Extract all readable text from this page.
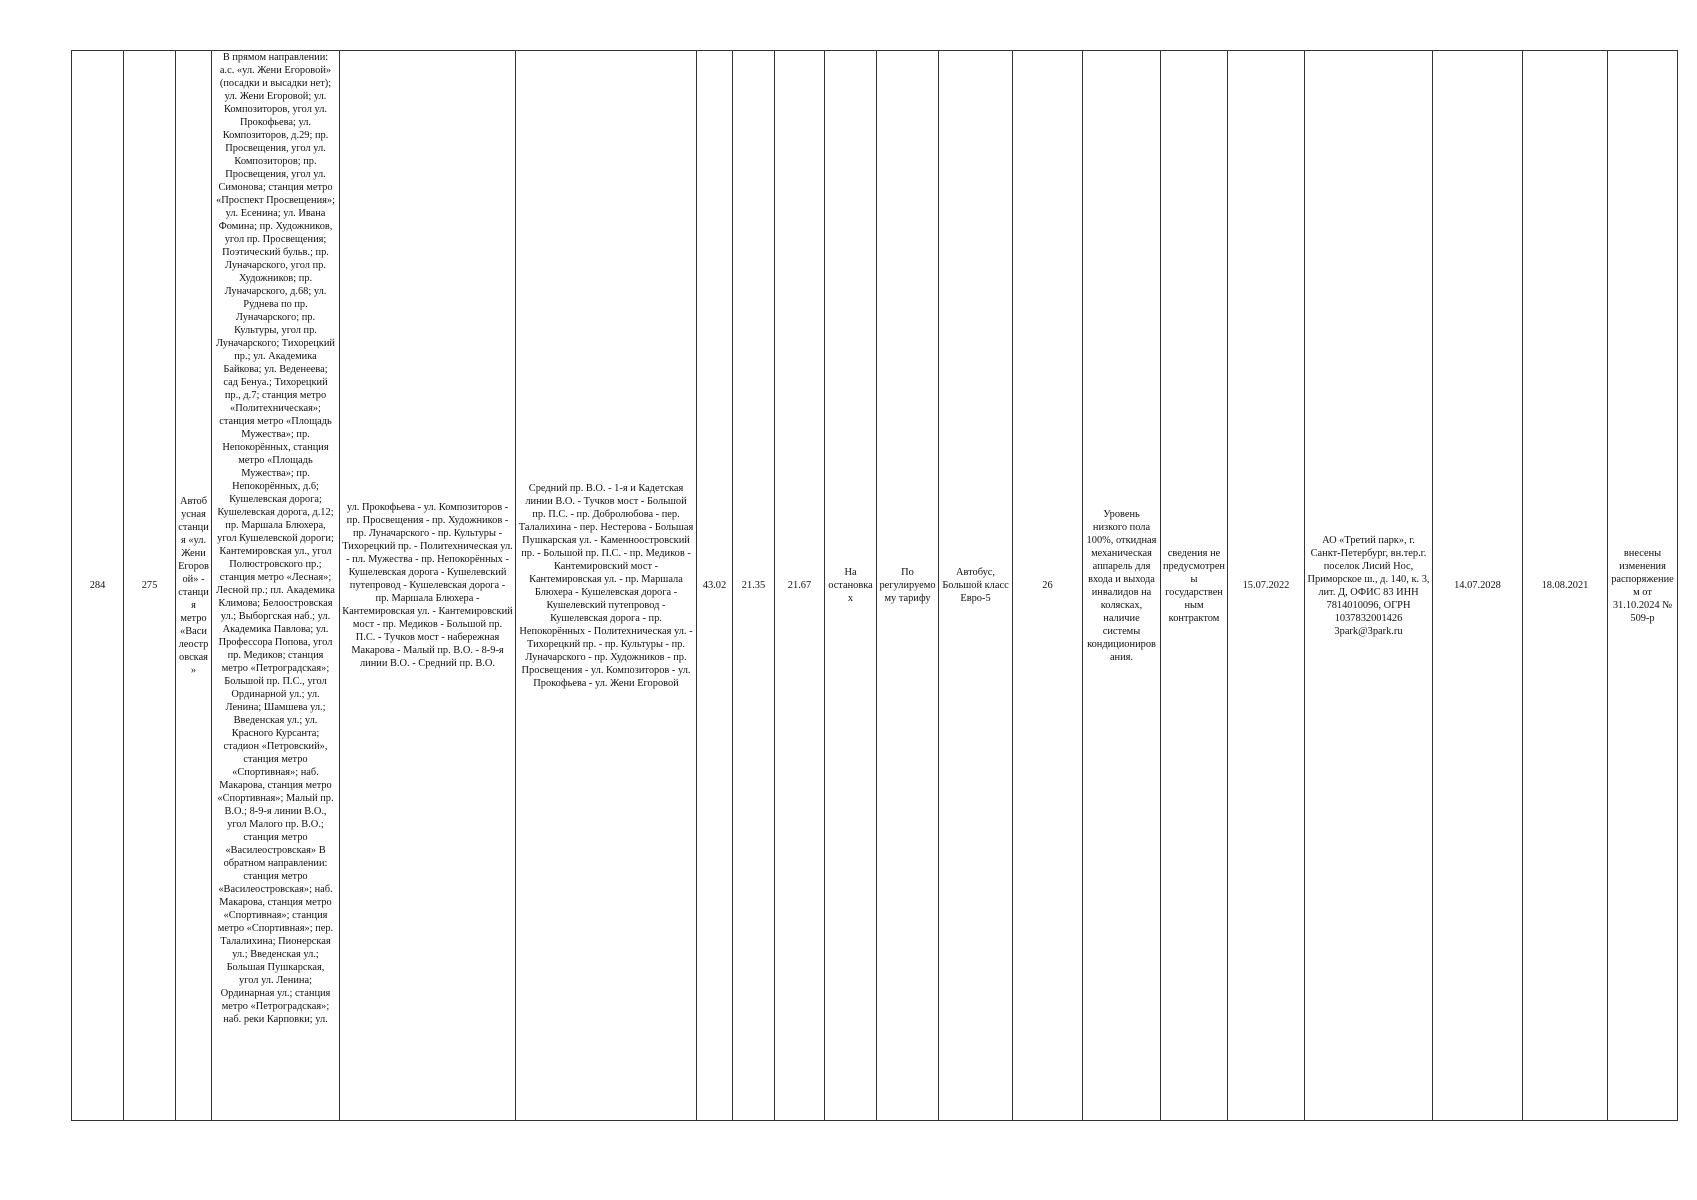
284	275	Автобусная станция «ул. Жени Егоровой» - станция метро «Василеостровская»	В прямом направлении: а.с. «ул. Жени Егоровой» (посадки и высадки нет); ул. Жени Егоровой; ул. Композиторов, угол ул. Прокофьева; ул. Композиторов, д.29; пр. Просвещения, угол ул. Композиторов; пр. Просвещения, угол ул. Симонова; станция метро «Проспект Просвещения»; ул. Есенина; ул. Ивана Фомина; пр. Художников, угол пр. Просвещения; Поэтический бульв.; пр. Луначарского, угол пр. Художников; пр. Луначарского, д.68; ул. Руднева по пр. Луначарского; пр. Культуры, угол пр. Луначарского; Тихорецкий пр.; ул. Академика Байкова; ул. Веденеева; сад Бенуа.; Тихорецкий пр., д.7; станция метро «Политехническая»; станция метро «Площадь Мужества»; пр. Непокорённых, станция метро «Площадь Мужества»; пр. Непокорённых, д.6; Кушелевская дорога; Кушелевская дорога, д.12; пр. Маршала Блюхера, угол Кушелевской дороги; Кантемировская ул., угол Полюстровского пр.; станция метро «Лесная»; Лесной пр.; пл. Академика Климова; Белоостровская ул.; Выборгская наб.; ул. Академика Павлова; ул. Профессора Попова, угол пр. Медиков; станция метро «Петроградская»; Большой пр. П.С., угол Ординарной ул.; ул. Ленина; Шамшева ул.; Введенская ул.; ул. Красного Курсанта; стадион «Петровский», станция метро «Спортивная»; наб. Макарова, станция метро «Спортивная»; Малый пр. В.О.; 8-9-я линии В.О., угол Малого пр. В.О.; станция метро «Василеостровская» В обратном направлении: станция метро «Василеостровская»; наб. Макарова, станция метро «Спортивная»; станция метро «Спортивная»; пер. Талалихина; Пионерская ул.; Введенская ул.; Большая Пушкарская, угол ул. Ленина; Ординарная ул.; станция метро «Петроградская»; наб. реки Карповки; ул.	ул. Прокофьева - ул. Композиторов - пр. Просвещения - пр. Художников - пр. Луначарского - пр. Культуры - Тихорецкий пр. - Политехническая ул. - пл. Мужества - пр. Непокорённых - Кушелевская дорога - Кушелевский путепровод - Кушелевская дорога - пр. Маршала Блюхера - Кантемировская ул. - Кантемировский мост - пр. Медиков - Большой пр. П.С. - Тучков мост - набережная Макарова - Малый пр. В.О. - 8-9-я линии В.О. - Средний пр. В.О.	Средний пр. В.О. - 1-я и Кадетская линии В.О. - Тучков мост - Большой пр. П.С. - пр. Добролюбова - пер. Талалихина - пер. Нестерова - Большая Пушкарская ул. - Каменноостровский пр. - Большой пр. П.С. - пр. Медиков - Кантемировский мост - Кантемировская ул. - пр. Маршала Блюхера - Кушелевская дорога - Кушелевский путепровод - Кушелевская дорога - пр. Непокорённых - Политехническая ул. - Тихорецкий пр. - пр. Культуры - пр. Луначарского - пр. Художников - пр. Просвещения - ул. Композиторов - ул. Прокофьева - ул. Жени Егоровой	43.02	21.35	21.67	На остановках	По регулируемому тарифу	Автобус, Большой класс Евро-5	26	Уровень низкого пола 100%, откидная механическая аппарель для входа и выхода инвалидов на колясках, наличие системы кондиционирования.	сведения не предусмотрены государственным контрактом	15.07.2022	АО «Третий парк», г. Санкт-Петербург, вн.тер.г. поселок Лисий Нос, Приморское ш., д. 140, к. 3, лит. Д, ОФИС 83 ИНН 7814010096, ОГРН 1037832001426 3park@3park.ru	14.07.2028	18.08.2021	внесены изменения распоряжением от 31.10.2024 № 509-р
